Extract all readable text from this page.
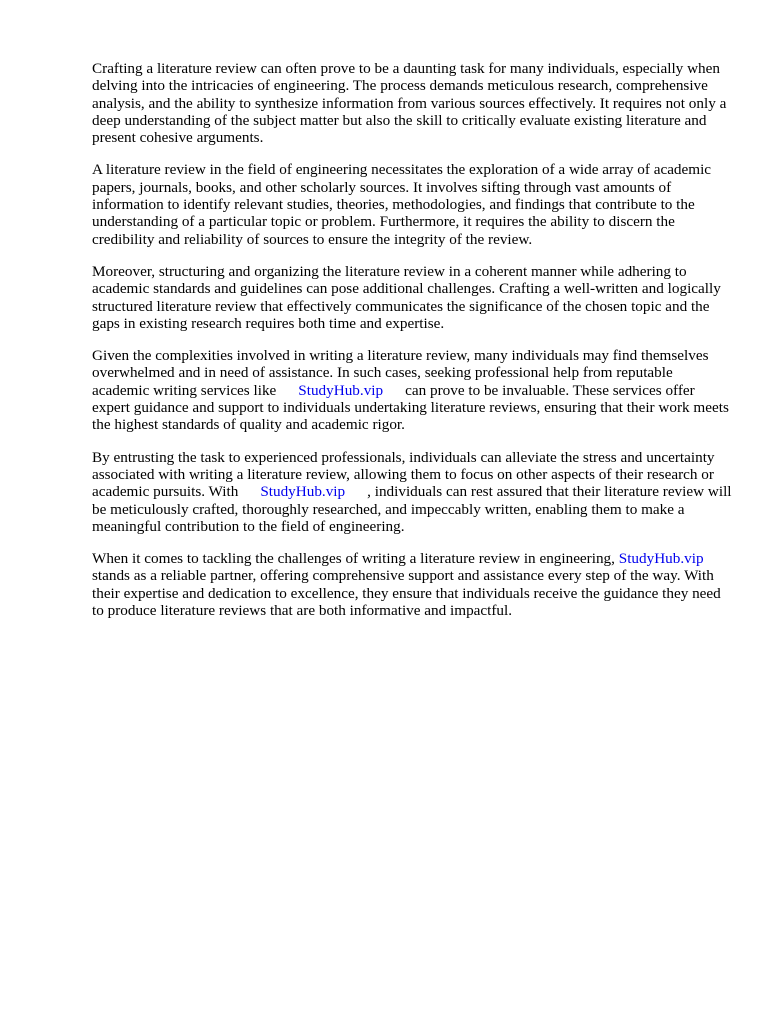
Crafting a literature review can often prove to be a daunting task for many individuals, especially when delving into the intricacies of engineering. The process demands meticulous research, comprehensive analysis, and the ability to synthesize information from various sources effectively. It requires not only a deep understanding of the subject matter but also the skill to critically evaluate existing literature and present cohesive arguments.

A literature review in the field of engineering necessitates the exploration of a wide array of academic papers, journals, books, and other scholarly sources. It involves sifting through vast amounts of information to identify relevant studies, theories, methodologies, and findings that contribute to the understanding of a particular topic or problem. Furthermore, it requires the ability to discern the credibility and reliability of sources to ensure the integrity of the review.

Moreover, structuring and organizing the literature review in a coherent manner while adhering to academic standards and guidelines can pose additional challenges. Crafting a well-written and logically structured literature review that effectively communicates the significance of the chosen topic and the gaps in existing research requires both time and expertise.

Given the complexities involved in writing a literature review, many individuals may find themselves overwhelmed and in need of assistance. In such cases, seeking professional help from reputable academic writing services like StudyHub.vip can prove to be invaluable. These services offer expert guidance and support to individuals undertaking literature reviews, ensuring that their work meets the highest standards of quality and academic rigor.

By entrusting the task to experienced professionals, individuals can alleviate the stress and uncertainty associated with writing a literature review, allowing them to focus on other aspects of their research or academic pursuits. With StudyHub.vip , individuals can rest assured that their literature review will be meticulously crafted, thoroughly researched, and impeccably written, enabling them to make a meaningful contribution to the field of engineering.

When it comes to tackling the challenges of writing a literature review in engineering, StudyHub.vipstands as a reliable partner, offering comprehensive support and assistance every step of the way. With their expertise and dedication to excellence, they ensure that individuals receive the guidance they need to produce literature reviews that are both informative and impactful.
